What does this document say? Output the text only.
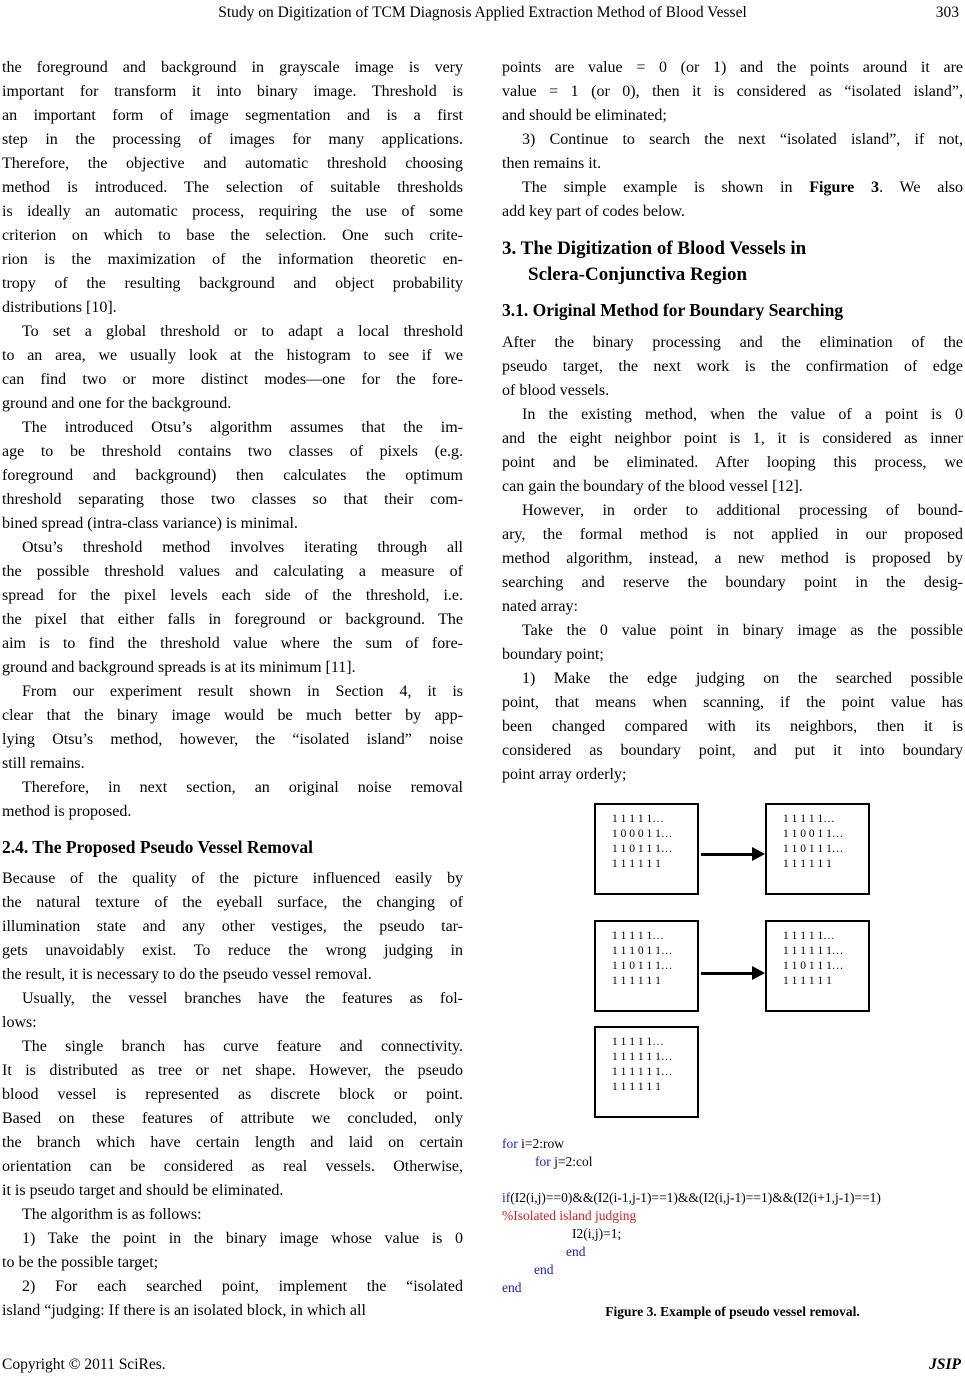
Study on Digitization of TCM Diagnosis Applied Extraction Method of Blood Vessel	303
the foreground and background in grayscale image is very
important for transform it into binary image. Threshold is
an important form of image segmentation and is a first
step in the processing of images for many applications.
Therefore, the objective and automatic threshold choosing
method is introduced. The selection of suitable thresholds
is ideally an automatic process, requiring the use of some
criterion on which to base the selection. One such crite-
rion is the maximization of the information theoretic en-
tropy of the resulting background and object probability
distributions [10].
To set a global threshold or to adapt a local threshold
to an area, we usually look at the histogram to see if we
can find two or more distinct modes—one for the fore-
ground and one for the background.
The introduced Otsu’s algorithm assumes that the im-
age to be threshold contains two classes of pixels (e.g.
foreground and background) then calculates the optimum
threshold separating those two classes so that their com-
bined spread (intra-class variance) is minimal.
Otsu’s threshold method involves iterating through all
the possible threshold values and calculating a measure of
spread for the pixel levels each side of the threshold, i.e.
the pixel that either falls in foreground or background. The
aim is to find the threshold value where the sum of fore-
ground and background spreads is at its minimum [11].
From our experiment result shown in Section 4, it is
clear that the binary image would be much better by app-
lying Otsu’s method, however, the “isolated island” noise
still remains.
Therefore, in next section, an original noise removal
method is proposed.
2.4. The Proposed Pseudo Vessel Removal
Because of the quality of the picture influenced easily by
the natural texture of the eyeball surface, the changing of
illumination state and any other vestiges, the pseudo tar-
gets unavoidably exist. To reduce the wrong judging in
the result, it is necessary to do the pseudo vessel removal.
Usually, the vessel branches have the features as fol-
lows:
The single branch has curve feature and connectivity.
It is distributed as tree or net shape. However, the pseudo
blood vessel is represented as discrete block or point.
Based on these features of attribute we concluded, only
the branch which have certain length and laid on certain
orientation can be considered as real vessels. Otherwise,
it is pseudo target and should be eliminated.
The algorithm is as follows:
1) Take the point in the binary image whose value is 0
to be the possible target;
2) For each searched point, implement the “isolated
island “judging: If there is an isolated block, in which all
points are value = 0 (or 1) and the points around it are
value = 1 (or 0), then it is considered as “isolated island”,
and should be eliminated;
3) Continue to search the next “isolated island”, if not,
then remains it.
The simple example is shown in Figure 3. We also
add key part of codes below.
3. The Digitization of Blood Vessels in
Sclera-Conjunctiva Region
3.1. Original Method for Boundary Searching
After the binary processing and the elimination of the
pseudo target, the next work is the confirmation of edge
of blood vessels.
In the existing method, when the value of a point is 0
and the eight neighbor point is 1, it is considered as inner
point and be eliminated. After looping this process, we
can gain the boundary of the blood vessel [12].
However, in order to additional processing of bound-
ary, the formal method is not applied in our proposed
method algorithm, instead, a new method is proposed by
searching and reserve the boundary point in the desig-
nated array:
Take the 0 value point in binary image as the possible
boundary point;
1) Make the edge judging on the searched possible
point, that means when scanning, if the point value has
been changed compared with its neighbors, then it is
considered as boundary point, and put it into boundary
point array orderly;
1 1 1 1 1…
1 0 0 0 1 1…
1 1 0 1 1 1…
1 1 1 1 1 1
1 1 1 1 1…
1 1 0 0 1 1…
1 1 0 1 1 1…
1 1 1 1 1 1
1 1 1 1 1…
1 1 1 0 1 1…
1 1 0 1 1 1…
1 1 1 1 1 1
1 1 1 1 1…
1 1 1 1 1 1…
1 1 0 1 1 1…
1 1 1 1 1 1
1 1 1 1 1…
1 1 1 1 1 1…
1 1 1 1 1 1…
1 1 1 1 1 1
for i=2:row
for j=2:col
if(I2(i,j)==0)&&(I2(i-1,j-1)==1)&&(I2(i,j-1)==1)&&(I2(i+1,j-1)==1)
%Isolated island judging
I2(i,j)=1;
end
end
end
Figure 3. Example of pseudo vessel removal.
Copyright © 2011 SciRes.	JSIP
